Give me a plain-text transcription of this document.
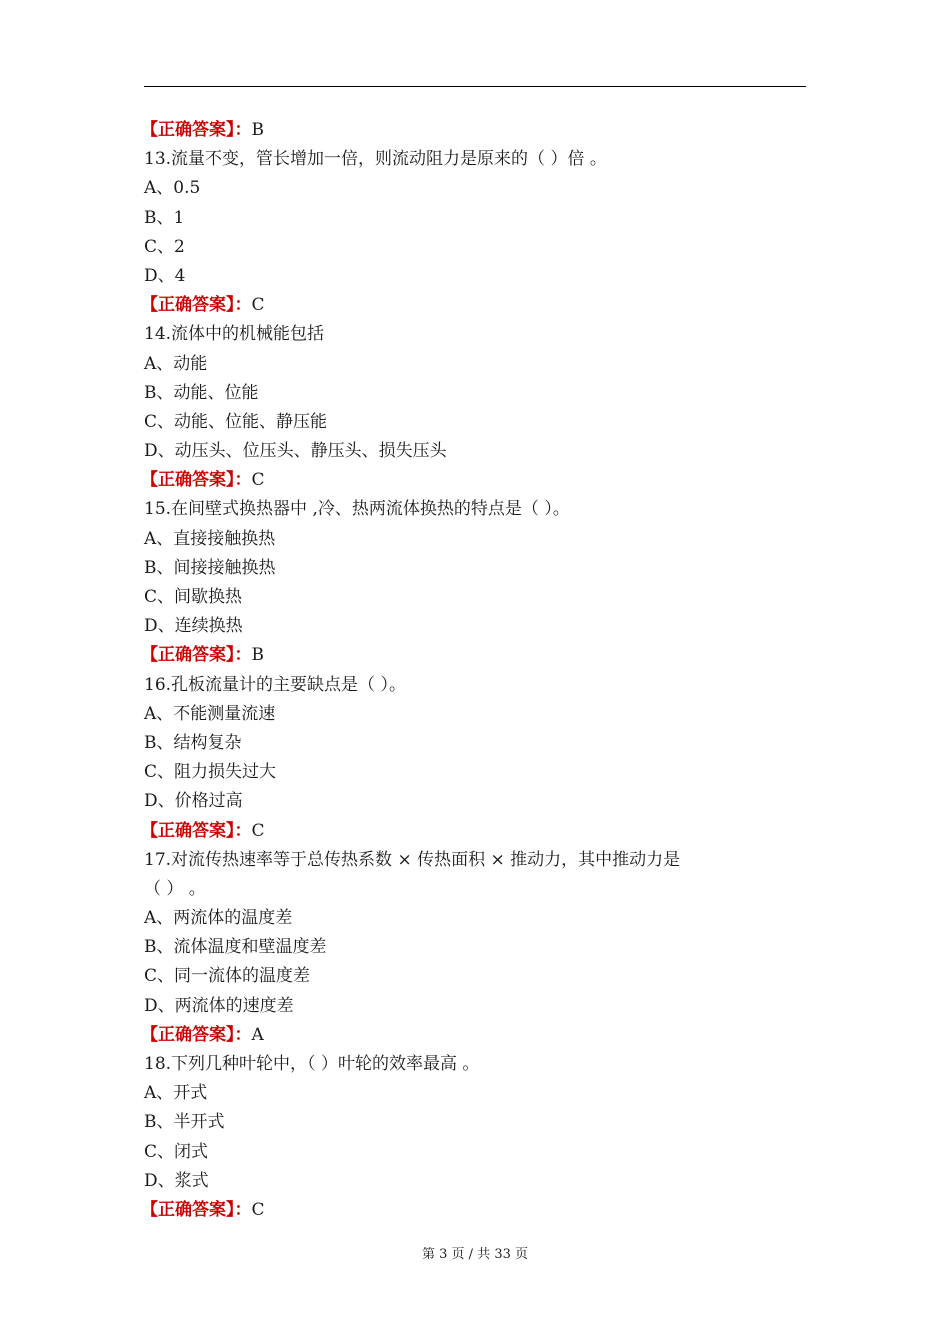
【正确答案】：B
13.流量不变，管长增加一倍，则流动阻力是原来的（ ）倍 。
A、0.5
B、1
C、2
D、4
【正确答案】：C
14.流体中的机械能包括
A、动能
B、动能、位能
C、动能、位能、静压能
D、动压头、位压头、静压头、损失压头
【正确答案】：C
15.在间壁式换热器中 ,冷、热两流体换热的特点是（ ）。
A、直接接触换热
B、间接接触换热
C、间歇换热
D、连续换热
【正确答案】：B
16.孔板流量计的主要缺点是（ ）。
A、不能测量流速
B、结构复杂
C、阻力损失过大
D、价格过高
【正确答案】：C
17.对流传热速率等于总传热系数 × 传热面积 × 推动力，其中推动力是
（ ） 。
A、两流体的温度差
B、流体温度和壁温度差
C、同一流体的温度差
D、两流体的速度差
【正确答案】：A
18.下列几种叶轮中，（ ）叶轮的效率最高 。
A、开式
B、半开式
C、闭式
D、浆式
【正确答案】：C
第 3 页 / 共 33 页
